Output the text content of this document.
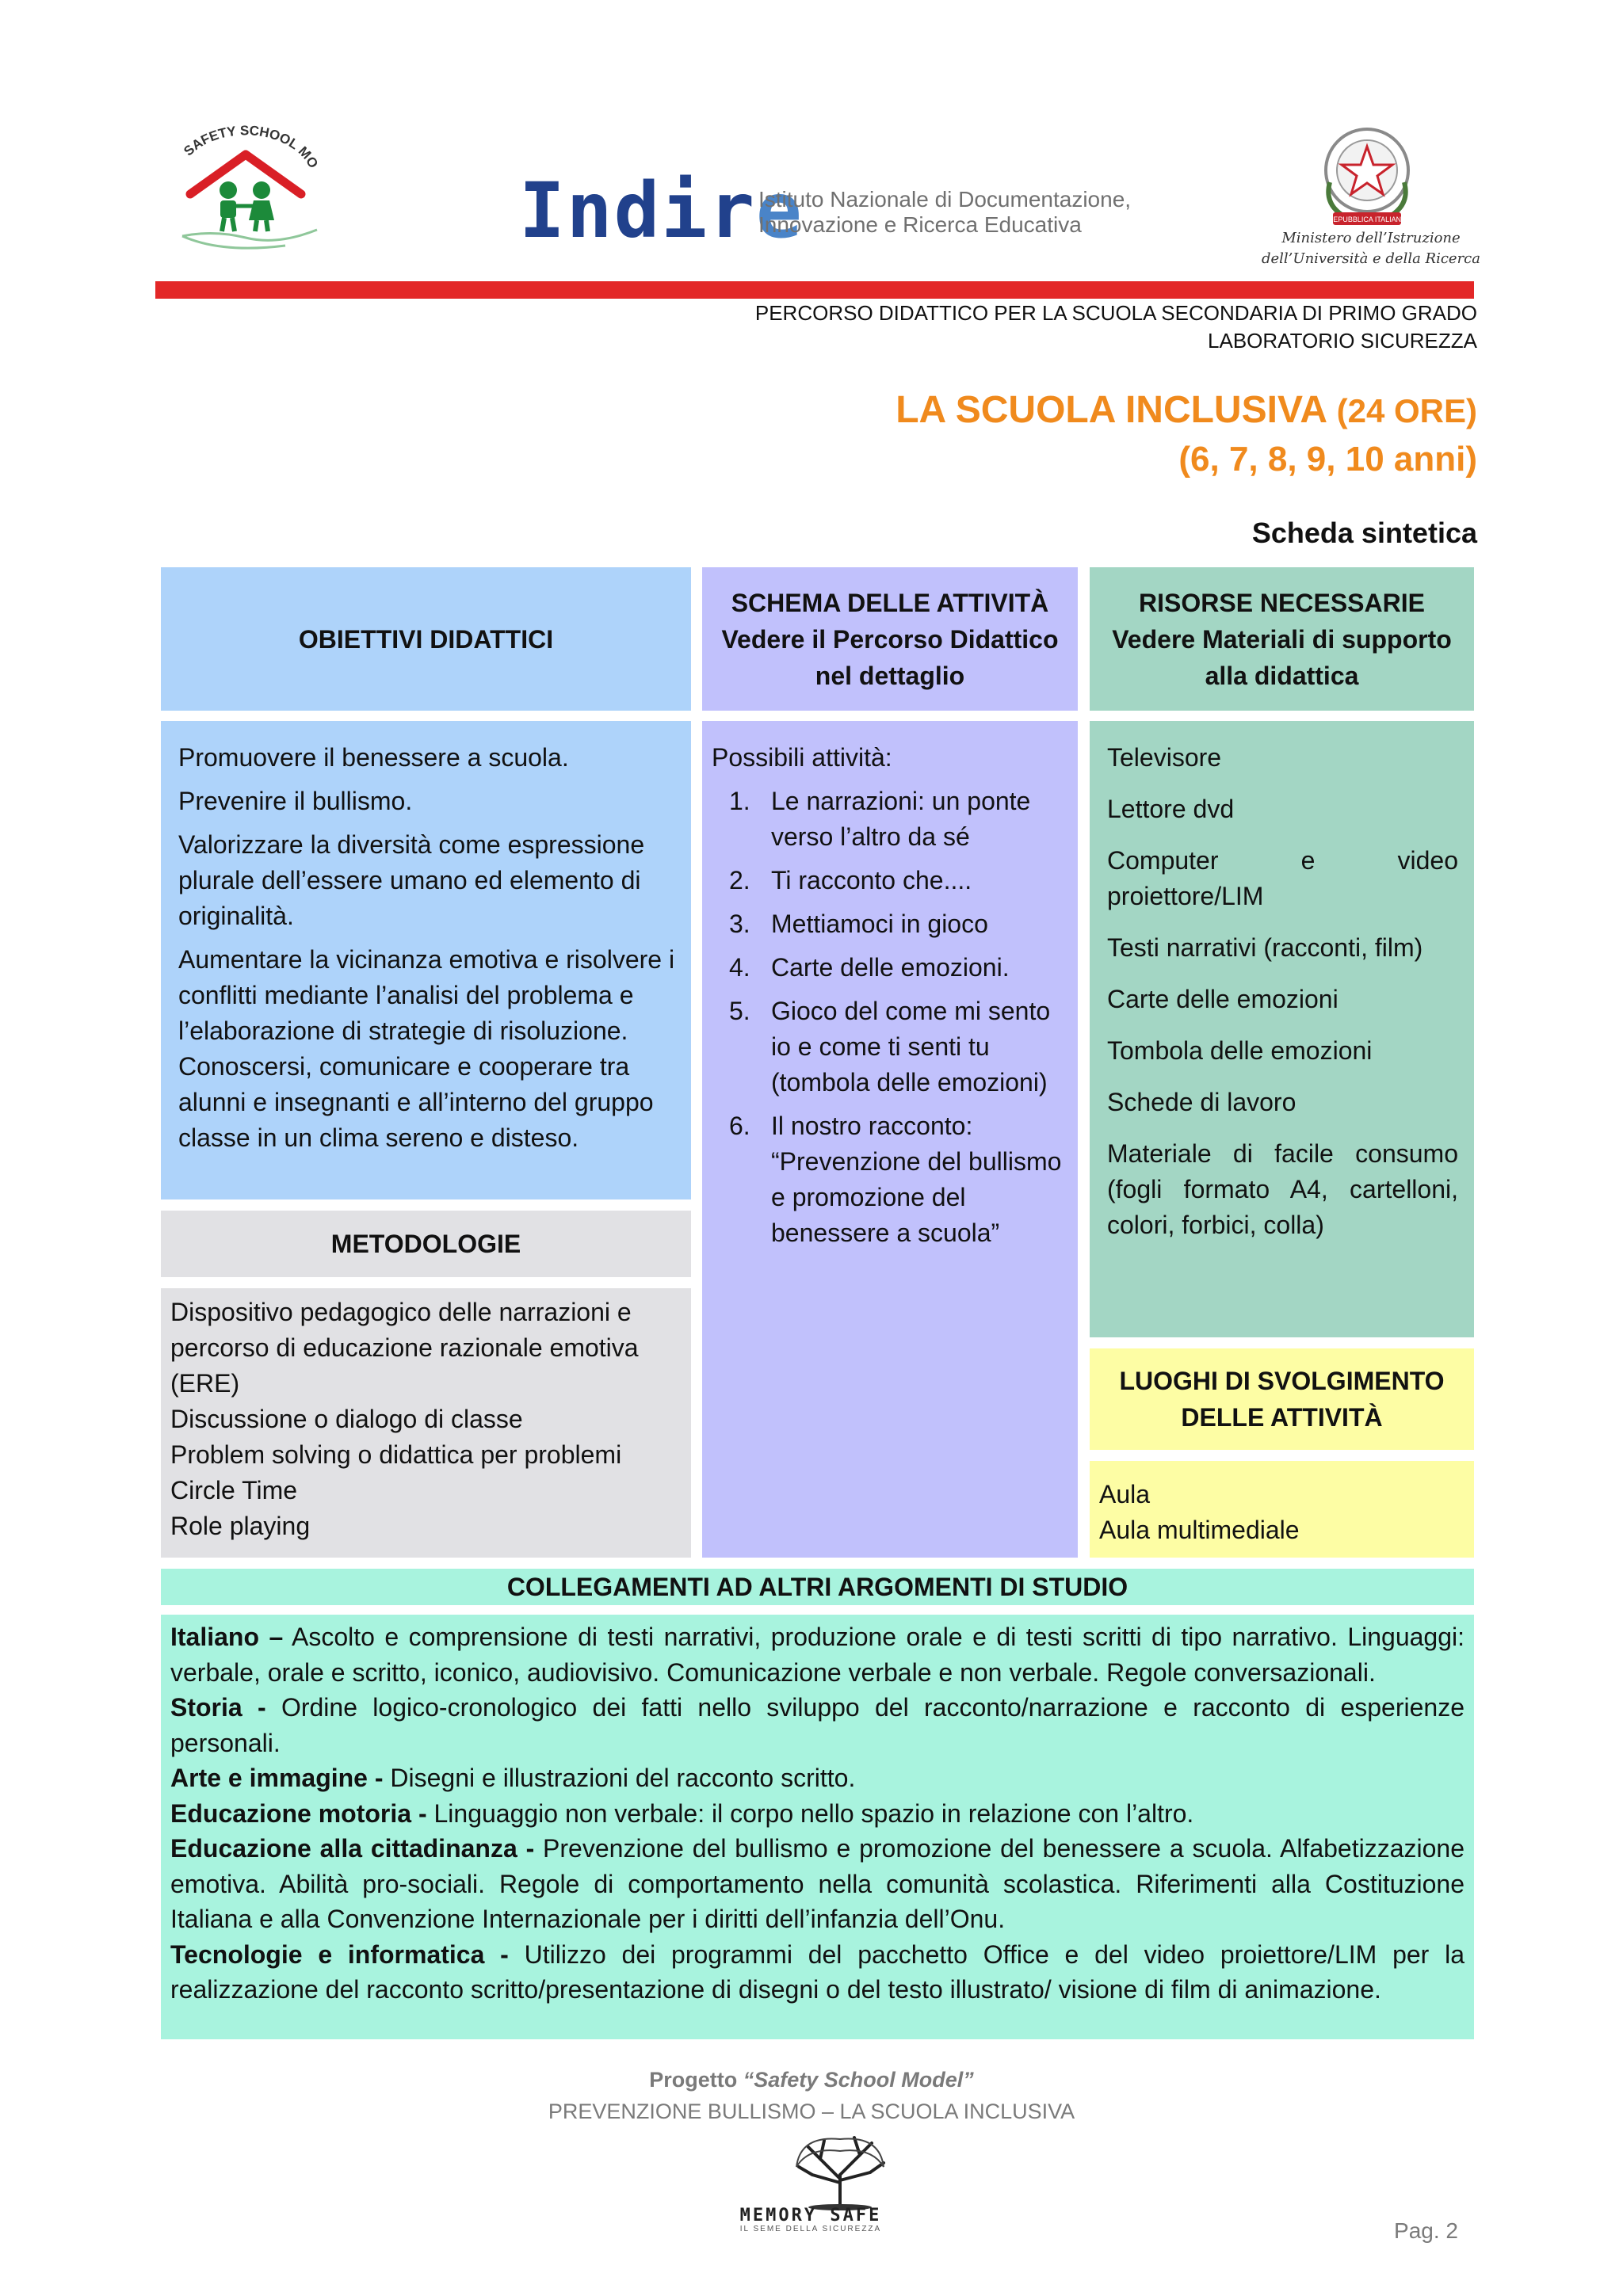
SAFETY SCHOOL MO
Indire
Istituto Nazionale di Documentazione,
Innovazione e Ricerca Educativa	REPUBBLICA ITALIANA
Ministero dell’Istruzione
dell’Università e della Ricerca
PERCORSO DIDATTICO PER LA SCUOLA SECONDARIA DI PRIMO GRADO
LABORATORIO SICUREZZA
LA SCUOLA INCLUSIVA (24 ORE)
(6, 7, 8, 9, 10 anni)
Scheda sintetica
OBIETTIVI DIDATTICI
SCHEMA DELLE ATTIVITÀ
Vedere il Percorso Didattico
nel dettaglio
RISORSE NECESSARIE
Vedere Materiali di supporto
alla didattica

Promuovere il benessere a scuola.

Prevenire il bullismo.

Valorizzare la diversità come espressione plurale dell’essere umano ed elemento di originalità.

Aumentare la vicinanza emotiva e risolvere i conflitti mediante l’analisi del problema e l’elaborazione di strategie di risoluzione.

Conoscersi, comunicare e cooperare tra alunni e insegnanti e all’interno del gruppo classe in un clima sereno e disteso.

METODOLOGIE

Dispositivo pedagogico delle narrazioni e percorso di educazione razionale emotiva (ERE)

Discussione o dialogo di classe

Problem solving o didattica per problemi

Circle Time

Role playing

Possibili attività:

1. Le narrazioni: un ponte verso l’altro da sé
2. Ti racconto che....
3. Mettiamoci in gioco
4. Carte delle emozioni.
5. Gioco del come mi sento io e come ti senti tu (tombola delle emozioni)
6. Il nostro racconto: “Prevenzione del bullismo e promozione del benessere a scuola”

Televisore

Lettore dvd

Computer e video proiettore/LIM

Testi narrativi (racconti, film)

Carte delle emozioni

Tombola delle emozioni

Schede di lavoro

Materiale di facile consumo (fogli formato A4, cartelloni, colori, forbici, colla)

LUOGHI DI SVOLGIMENTO
DELLE ATTIVITÀ

Aula

Aula multimediale

COLLEGAMENTI AD ALTRI ARGOMENTI DI STUDIO

Italiano – Ascolto e comprensione di testi narrativi, produzione orale e di testi scritti di tipo narrativo. Linguaggi: verbale, orale e scritto, iconico, audiovisivo. Comunicazione verbale e non verbale. Regole conversazionali.

Storia - Ordine logico-cronologico dei fatti nello sviluppo del racconto/narrazione e racconto di esperienze personali.

Arte e immagine - Disegni e illustrazioni del racconto scritto.

Educazione motoria - Linguaggio non verbale: il corpo nello spazio in relazione con l’altro.

Educazione alla cittadinanza - Prevenzione del bullismo e promozione del benessere a scuola. Alfabetizzazione emotiva. Abilità pro-sociali. Regole di comportamento nella comunità scolastica. Riferimenti alla Costituzione Italiana e alla Convenzione Internazionale per i diritti dell’infanzia dell’Onu.

Tecnologie e informatica - Utilizzo dei programmi del pacchetto Office e del video proiettore/LIM per la realizzazione del racconto scritto/presentazione di disegni o del testo illustrato/ visione di film di animazione.

Progetto “Safety School Model”
PREVENZIONE BULLISMO – LA SCUOLA INCLUSIVA
MEMORY SAFE
IL SEME DELLA SICUREZZA	Pag. 2
